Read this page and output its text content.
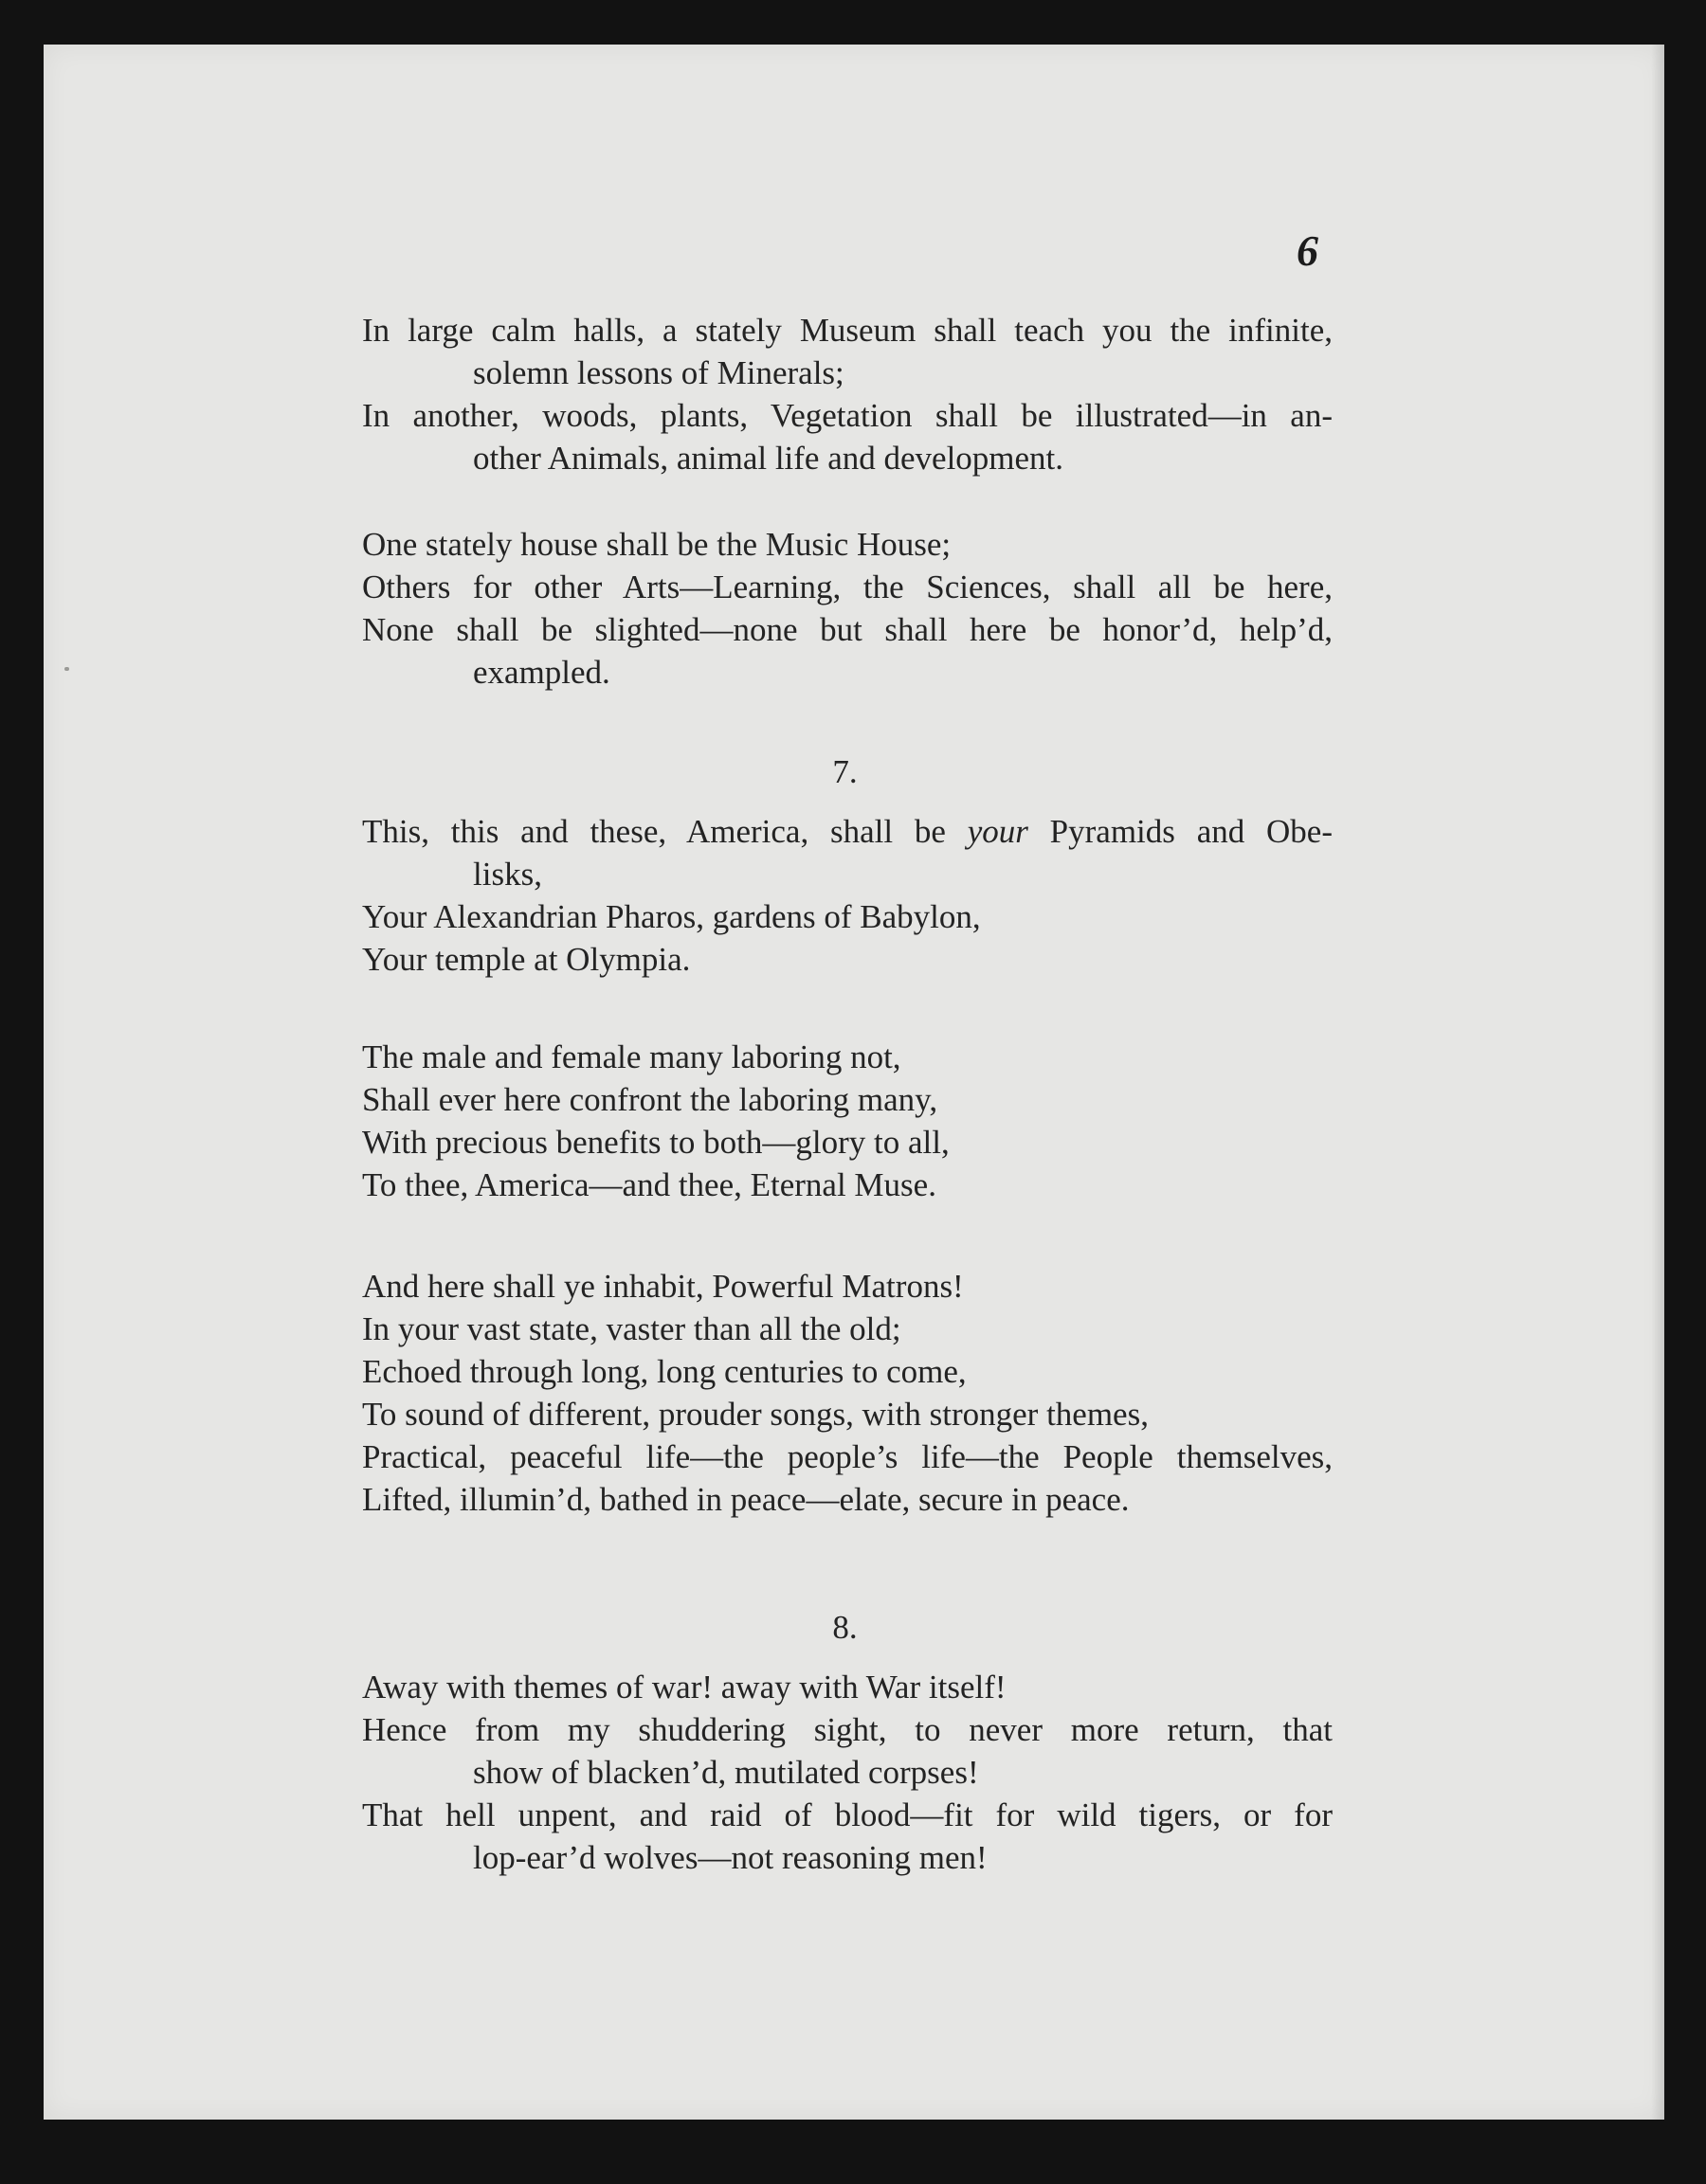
6
In large calm halls, a stately Museum shall teach you the infinite,
solemn lessons of Minerals;
In another, woods, plants, Vegetation shall be illustrated—in an-
other Animals, animal life and development.
One stately house shall be the Music House;
Others for other Arts—Learning, the Sciences, shall all be here,
None shall be slighted—none but shall here be honor’d, help’d,
exampled.
7.
This, this and these, America, shall be your Pyramids and Obe-
lisks,
Your Alexandrian Pharos, gardens of Babylon,
Your temple at Olympia.
The male and female many laboring not,
Shall ever here confront the laboring many,
With precious benefits to both—glory to all,
To thee, America—and thee, Eternal Muse.
And here shall ye inhabit, Powerful Matrons!
In your vast state, vaster than all the old;
Echoed through long, long centuries to come,
To sound of different, prouder songs, with stronger themes,
Practical, peaceful life—the people’s life—the People themselves,
Lifted, illumin’d, bathed in peace—elate, secure in peace.
8.
Away with themes of war! away with War itself!
Hence from my shuddering sight, to never more return, that
show of blacken’d, mutilated corpses!
That hell unpent, and raid of blood—fit for wild tigers, or for
lop-ear’d wolves—not reasoning men!
